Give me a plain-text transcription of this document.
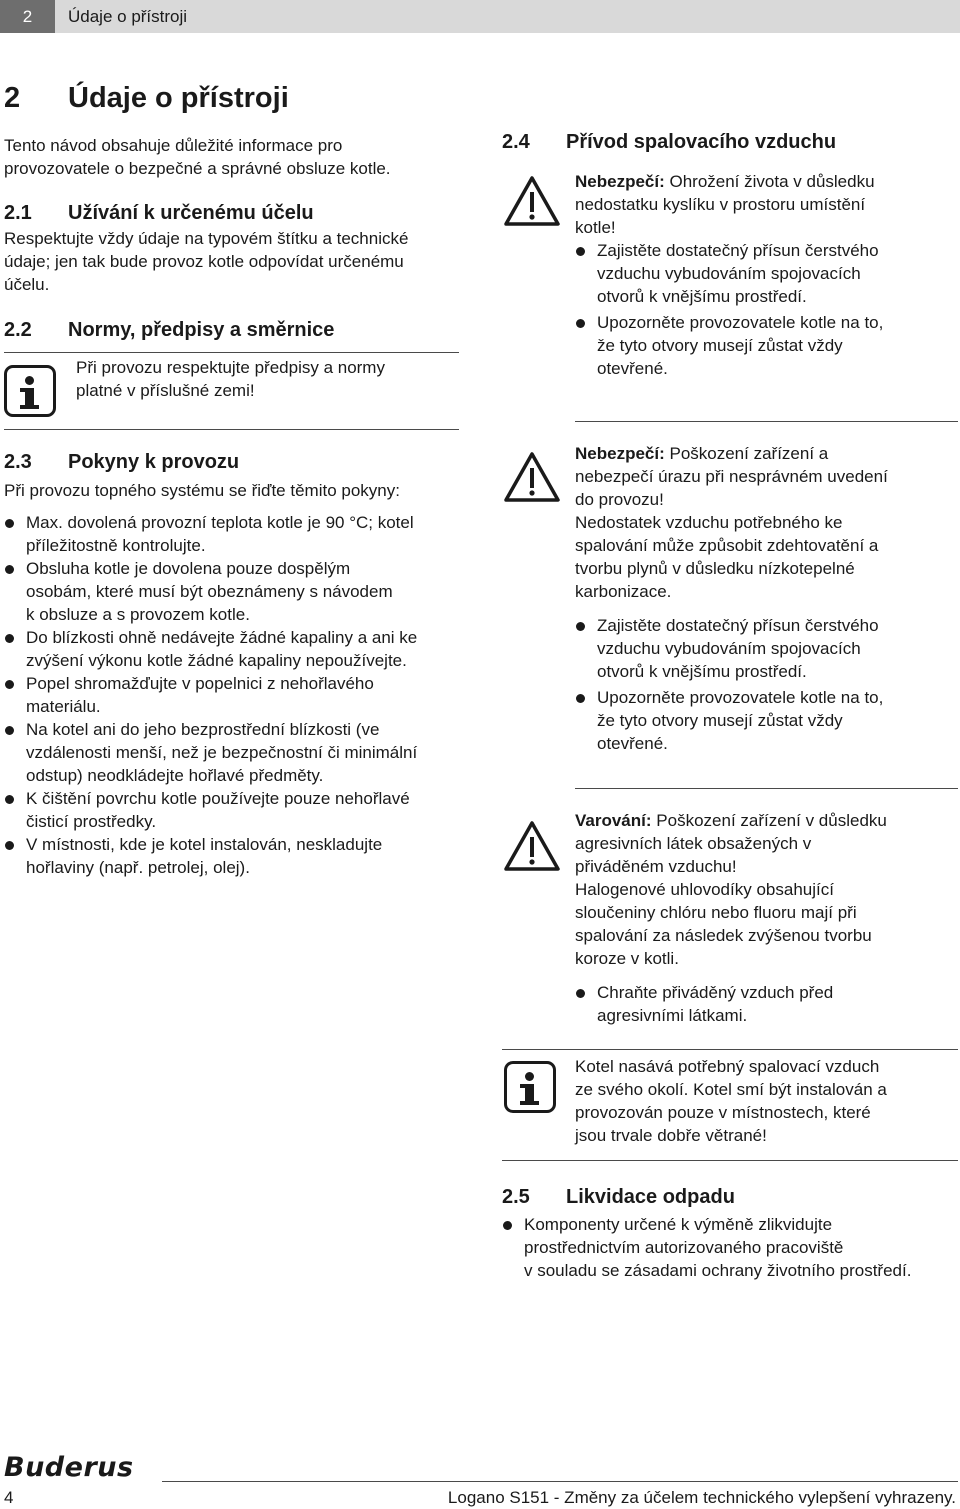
2	Údaje o přístroji
2 Údaje o přístroji
Tento návod obsahuje důležité informace pro
provozovatele o bezpečné a správné obsluze kotle.
2.1 Užívání k určenému účelu
Respektujte vždy údaje na typovém štítku a technické
údaje; jen tak bude provoz kotle odpovídat určenému
účelu.
2.2 Normy, předpisy a směrnice
Při provozu respektujte předpisy a normy
platné v příslušné zemi!
2.3 Pokyny k provozu
Při provozu topného systému se řiďte těmito pokyny:
Max. dovolená provozní teplota kotle je 90 °C; kotel
příležitostně kontrolujte.
Obsluha kotle je dovolena pouze dospělým
osobám, které musí být obeznámeny s návodem
k obsluze a s provozem kotle.
Do blízkosti ohně nedávejte žádné kapaliny a ani ke
zvýšení výkonu kotle žádné kapaliny nepoužívejte.
Popel shromažďujte v popelnici z nehořlavého
materiálu.
Na kotel ani do jeho bezprostřední blízkosti (ve
vzdálenosti menší, než je bezpečnostní či minimální
odstup) neodkládejte hořlavé předměty.
K čištění povrchu kotle používejte pouze nehořlavé
čisticí prostředky.
V místnosti, kde je kotel instalován, neskladujte
hořlaviny (např. petrolej, olej).
2.4 Přívod spalovacího vzduchu
Nebezpečí: Ohrožení života v důsledku
nedostatku kyslíku v prostoru umístění
kotle!
Zajistěte dostatečný přísun čerstvého
vzduchu vybudováním spojovacích
otvorů k vnějšímu prostředí.
Upozorněte provozovatele kotle na to,
že tyto otvory musejí zůstat vždy
otevřené.
Nebezpečí: Poškození zařízení a
nebezpečí úrazu při nesprávném uvedení
do provozu!
Nedostatek vzduchu potřebného ke
spalování může způsobit zdehtovatění a
tvorbu plynů v důsledku nízkotepelné
karbonizace.
Zajistěte dostatečný přísun čerstvého
vzduchu vybudováním spojovacích
otvorů k vnějšímu prostředí.
Upozorněte provozovatele kotle na to,
že tyto otvory musejí zůstat vždy
otevřené.
Varování: Poškození zařízení v důsledku
agresivních látek obsažených v
přiváděném vzduchu!
Halogenové uhlovodíky obsahující
sloučeniny chlóru nebo fluoru mají při
spalování za následek zvýšenou tvorbu
koroze v kotli.
Chraňte přiváděný vzduch před
agresivními látkami.
Kotel nasává potřebný spalovací vzduch
ze svého okolí. Kotel smí být instalován a
provozován pouze v místnostech, které
jsou trvale dobře větrané!
2.5 Likvidace odpadu
Komponenty určené k výměně zlikvidujte
prostřednictvím autorizovaného pracoviště
v souladu se zásadami ochrany životního prostředí.
Buderus
4	Logano S151 - Změny za účelem technického vylepšení vyhrazeny.
